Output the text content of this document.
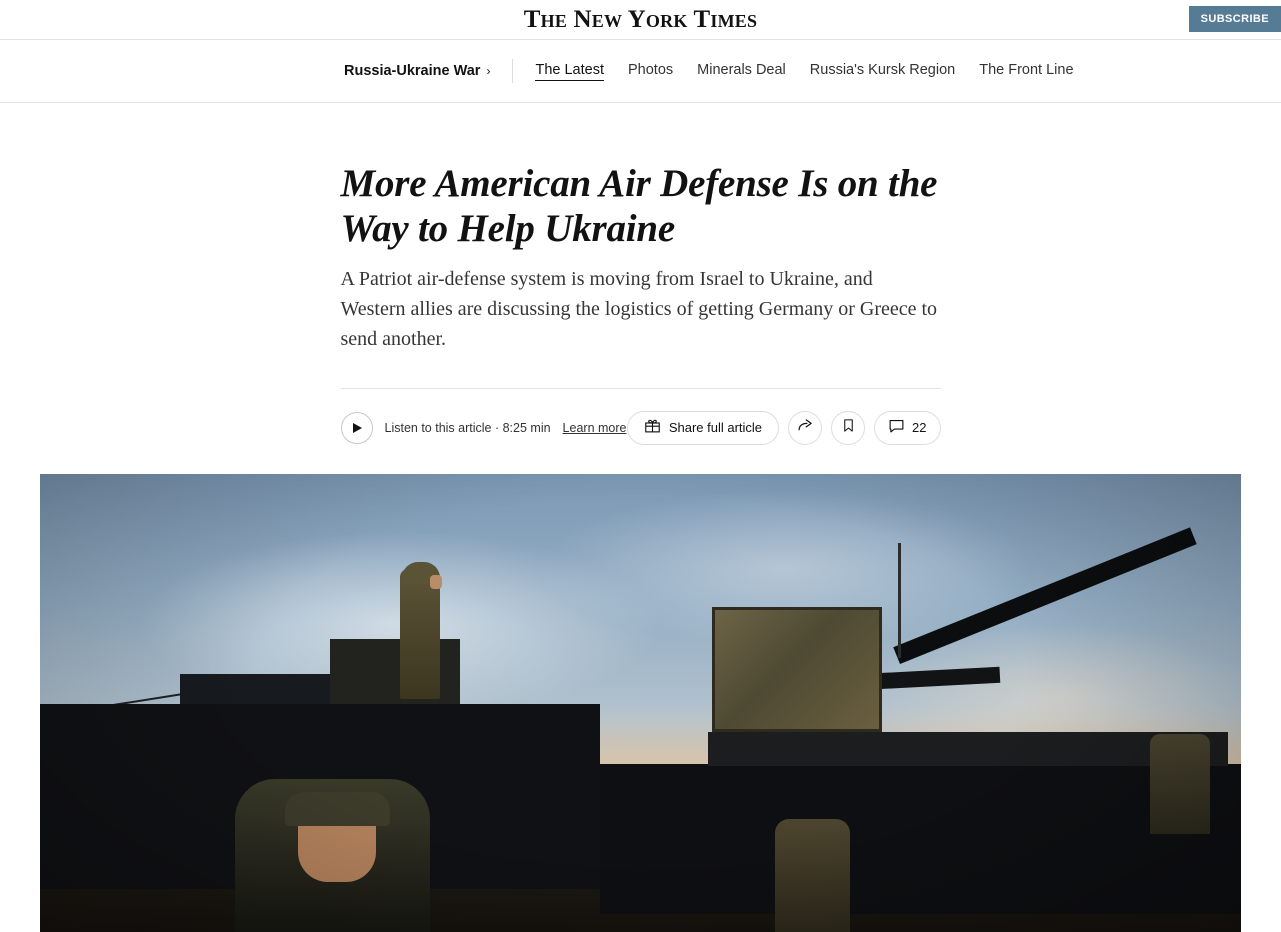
The New York Times	SUBSCRIBE
Russia-Ukraine War ›	The Latest Photos Minerals Deal Russia's Kursk Region The Front Line
More American Air Defense Is on the Way to Help Ukraine

A Patriot air-defense system is moving from Israel to Ukraine, and Western allies are discussing the logistics of getting Germany or Greece to send another.

Listen to this article · 8:25 min Learn more	Share full article	22
